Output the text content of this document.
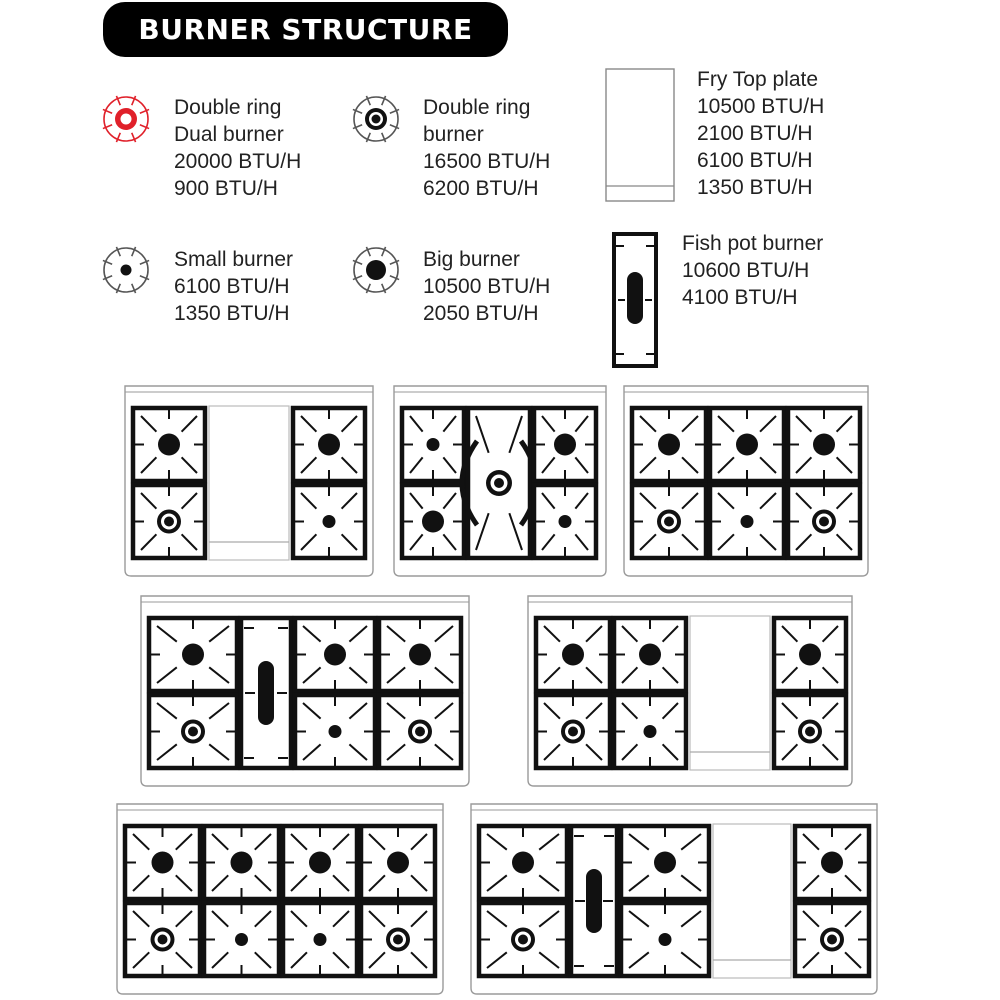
BURNER STRUCTURE
Double ring
Dual burner
20000 BTU/H
900 BTU/H
Double ring
burner
16500 BTU/H
6200 BTU/H
Fry Top plate
10500 BTU/H
2100 BTU/H
6100 BTU/H
1350 BTU/H
Small burner
6100 BTU/H
1350 BTU/H
Big burner
10500 BTU/H
2050 BTU/H
Fish pot burner
10600 BTU/H
4100 BTU/H
